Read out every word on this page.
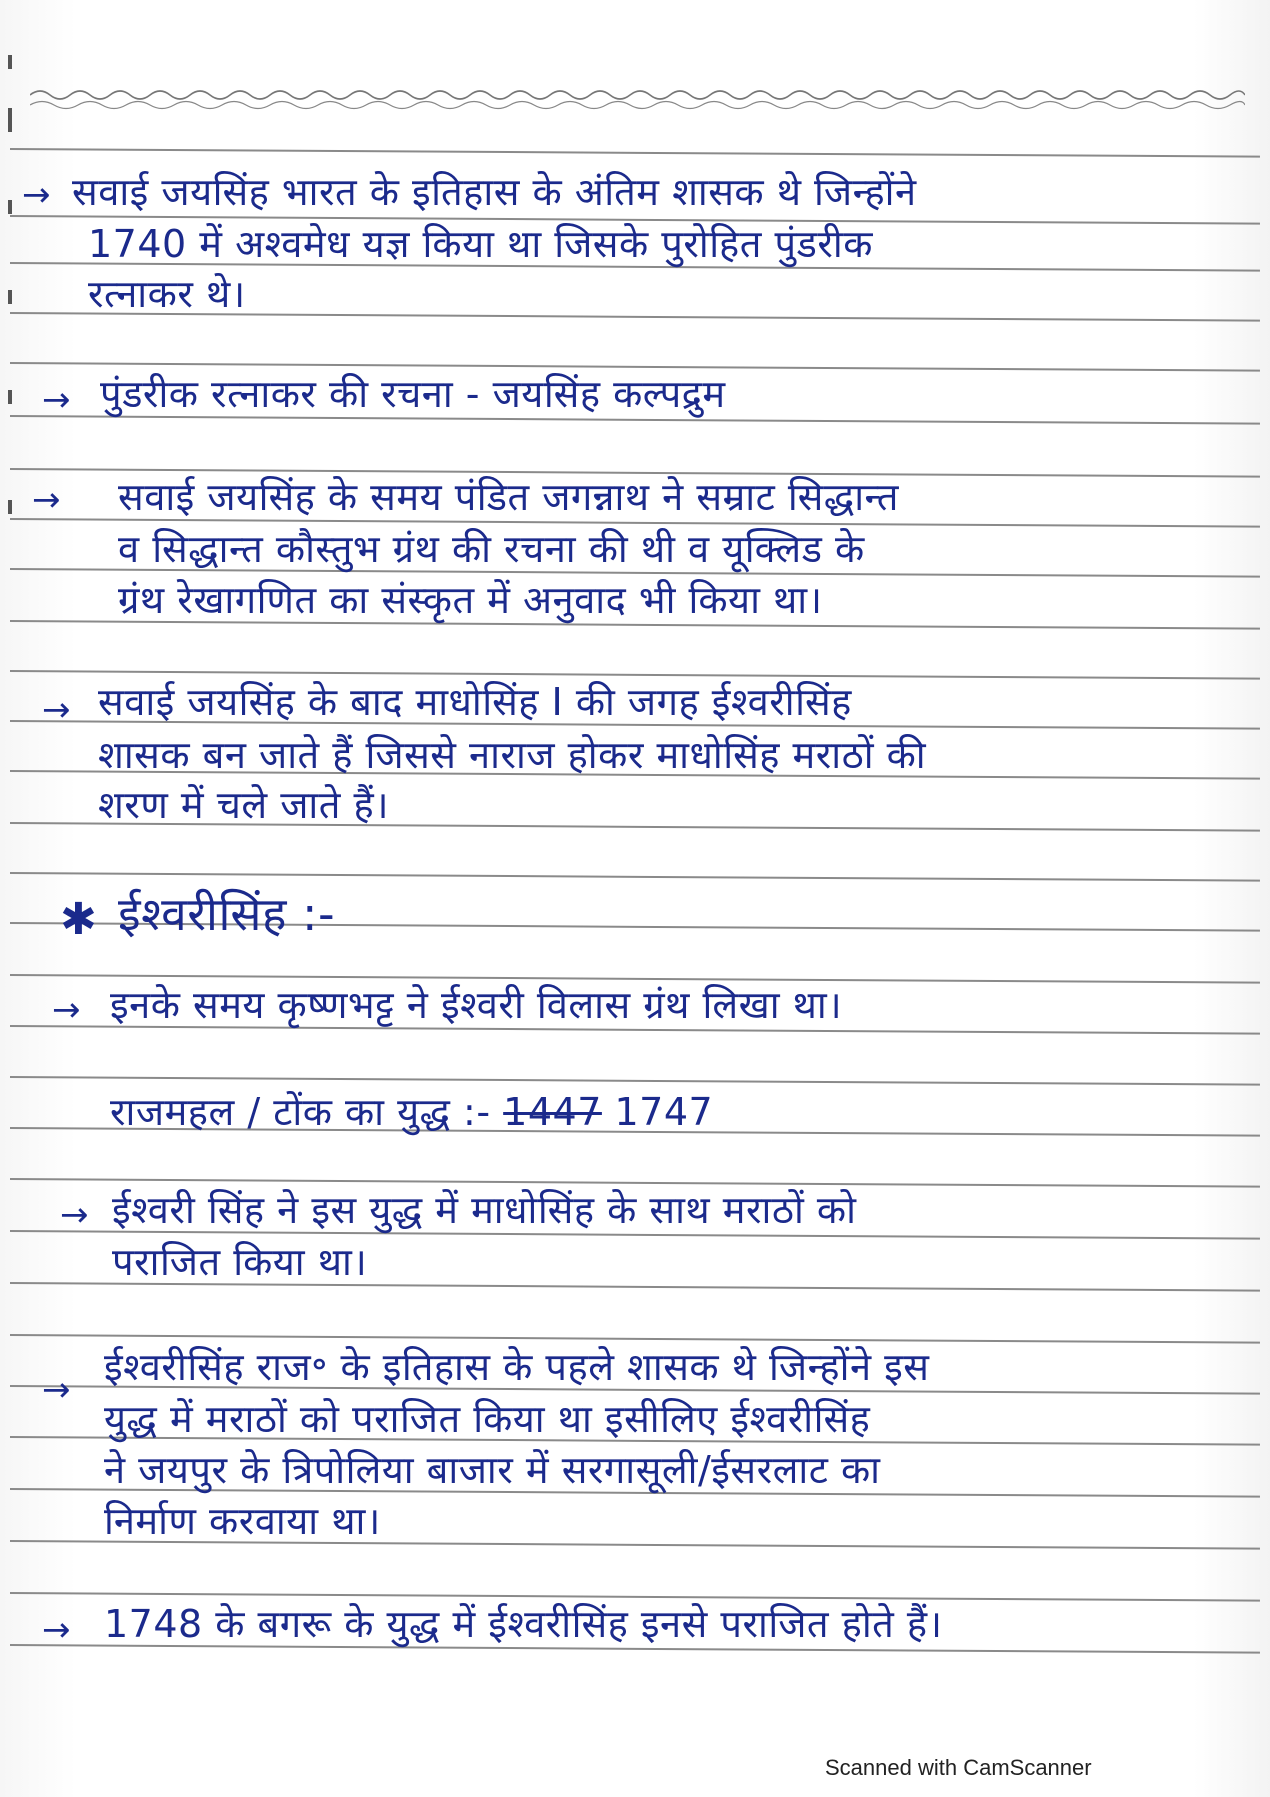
→ सवाई जयसिंह भारत के इतिहास के अंतिम शासक थे जिन्होंने
1740 में अश्वमेध यज्ञ किया था जिसके पुरोहित पुंडरीक
रत्नाकर थे।
→ पुंडरीक रत्नाकर की रचना - जयसिंह कल्पद्रुम
→ सवाई जयसिंह के समय पंडित जगन्नाथ ने सम्राट सिद्धान्त
व सिद्धान्त कौस्तुभ ग्रंथ की रचना की थी व यूक्लिड के
ग्रंथ रेखागणित का संस्कृत में अनुवाद भी किया था।
→ सवाई जयसिंह के बाद माधोसिंह I की जगह ईश्वरीसिंह
शासक बन जाते हैं जिससे नाराज होकर माधोसिंह मराठों की
शरण में चले जाते हैं।
✱ ईश्वरीसिंह :-
→ इनके समय कृष्णभट्ट ने ईश्वरी विलास ग्रंथ लिखा था।
राजमहल / टोंक का युद्ध :- 1447 1747
→ ईश्वरी सिंह ने इस युद्ध में माधोसिंह के साथ मराठों को
पराजित किया था।
→
ईश्वरीसिंह राज॰ के इतिहास के पहले शासक थे जिन्होंने इस
युद्ध में मराठों को पराजित किया था इसीलिए ईश्वरीसिंह
ने जयपुर के त्रिपोलिया बाजार में सरगासूली/ईसरलाट का
निर्माण करवाया था।
→ 1748 के बगरू के युद्ध में ईश्वरीसिंह इनसे पराजित होते हैं।
Scanned with CamScanner
